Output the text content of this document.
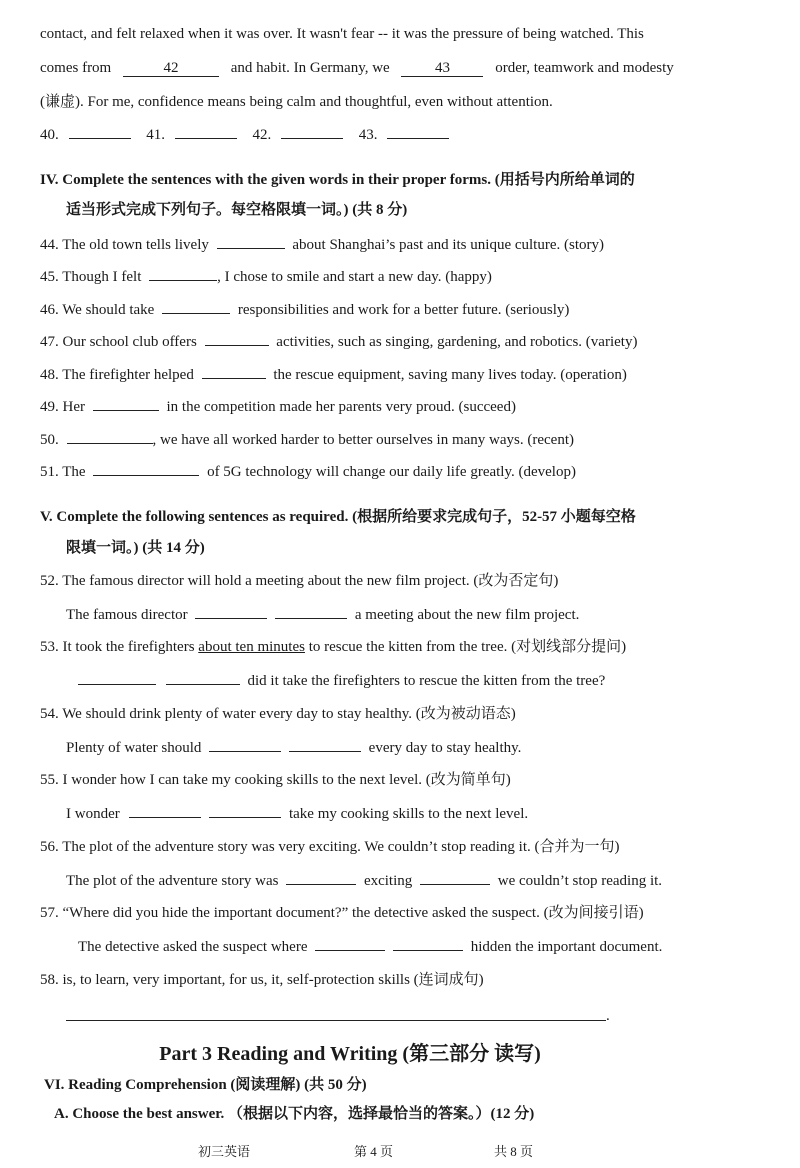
contact, and felt relaxed when it was over. It wasn't fear -- it was the pressure of being watched. This
comes from	42	and habit. In Germany, we	43	order, teamwork and modesty
(谦虚). For me, confidence means being calm and thoughtful, even without attention.
40.	41.	42.	43.
IV. Complete the sentences with the given words in their proper forms. (用括号内所给单词的
适当形式完成下列句子。每空格限填一词。) (共 8 分)
44. The old town tells lively	about Shanghai’s past and its unique culture. (story)
45. Though I felt	, I chose to smile and start a new day. (happy)
46. We should take	responsibilities and work for a better future. (seriously)
47. Our school club offers	activities, such as singing, gardening, and robotics. (variety)
48. The firefighter helped	the rescue equipment, saving many lives today. (operation)
49. Her	in the competition made her parents very proud. (succeed)
50.	, we have all worked harder to better ourselves in many ways. (recent)
51. The	of 5G technology will change our daily life greatly. (develop)
V. Complete the following sentences as required. (根据所给要求完成句子，52-57 小题每空格
限填一词。) (共 14 分)
52. The famous director will hold a meeting about the new film project. (改为否定句)
The famous director	a meeting about the new film project.
53. It took the firefighters about ten minutes to rescue the kitten from the tree. (对划线部分提问)
did it take the firefighters to rescue the kitten from the tree?
54. We should drink plenty of water every day to stay healthy. (改为被动语态)
Plenty of water should	every day to stay healthy.
55. I wonder how I can take my cooking skills to the next level. (改为简单句)
I wonder	take my cooking skills to the next level.
56. The plot of the adventure story was very exciting. We couldn’t stop reading it. (合并为一句)
The plot of the adventure story was	exciting	we couldn’t stop reading it.
57. “Where did you hide the important document?” the detective asked the suspect. (改为间接引语)
The detective asked the suspect where	hidden the important document.
58. is, to learn, very important, for us, it, self-protection skills (连词成句)
.
Part 3 Reading and Writing (第三部分 读写)
VI. Reading Comprehension (阅读理解) (共 50 分)
A. Choose the best answer. （根据以下内容，选择最恰当的答案。）(12 分)
初三英语	第 4 页	共 8 页
